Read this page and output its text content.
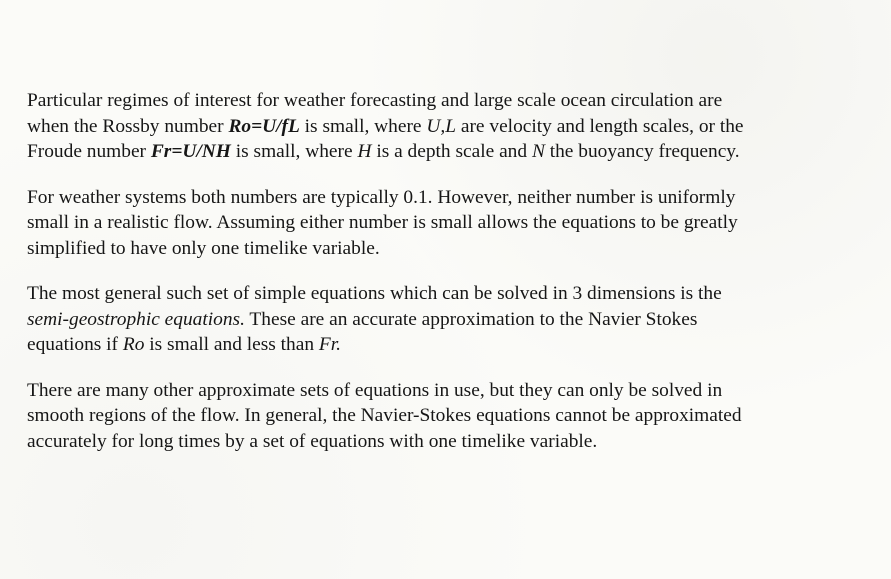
Particular regimes of interest for weather forecasting and large scale ocean circulation are
when the Rossby number Ro=U/fL is small, where U,L are velocity and length scales, or the
Froude number Fr=U/NH is small, where H is a depth scale and N the buoyancy frequency.

For weather systems both numbers are typically 0.1. However, neither number is uniformly
small in a realistic flow. Assuming either number is small allows the equations to be greatly
simplified to have only one timelike variable.

The most general such set of simple equations which can be solved in 3 dimensions is the
semi-geostrophic equations. These are an accurate approximation to the Navier Stokes
equations if Ro is small and less than Fr.

There are many other approximate sets of equations in use, but they can only be solved in
smooth regions of the flow. In general, the Navier-Stokes equations cannot be approximated
accurately for long times by a set of equations with one timelike variable.
